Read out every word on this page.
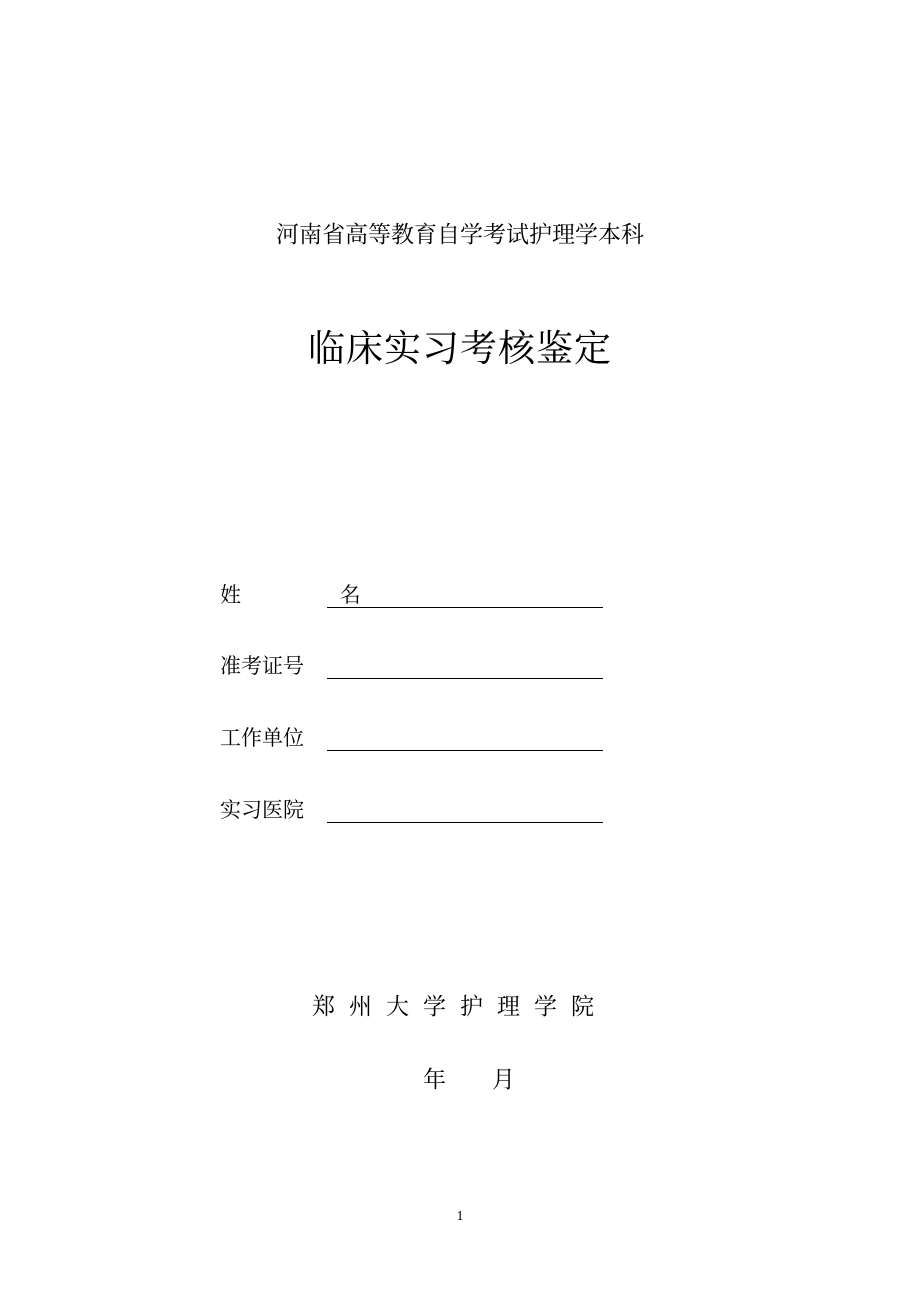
河南省高等教育自学考试护理学本科
临床实习考核鉴定
姓 名
准考证号
工作单位
实习医院
郑州大学护理学院
年 月
1
